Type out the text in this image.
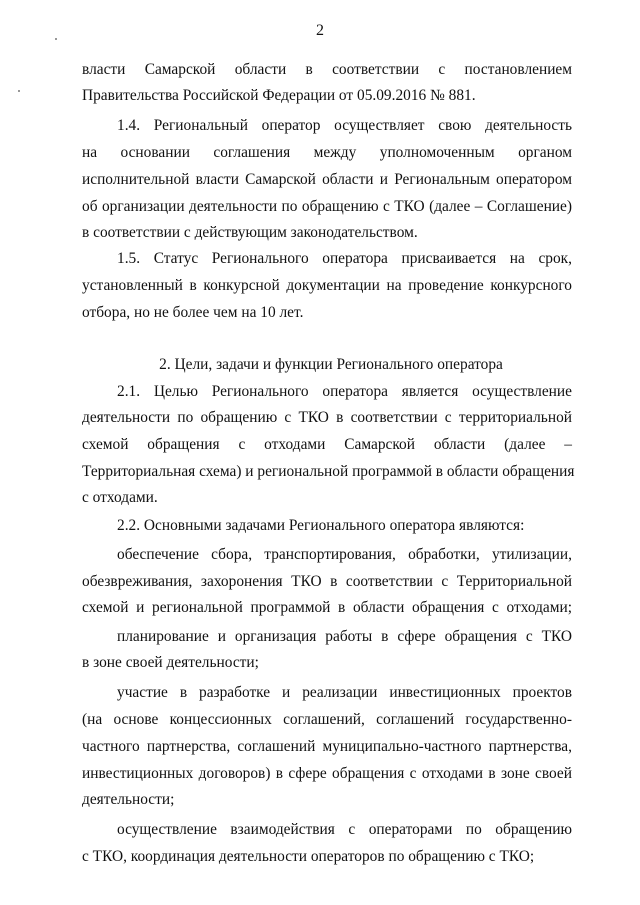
2
власти Самарской области в соответствии с постановлением
Правительства Российской Федерации от 05.09.2016 № 881.
1.4. Региональный оператор осуществляет свою деятельность
на основании соглашения между уполномоченным органом
исполнительной власти Самарской области и Региональным оператором
об организации деятельности по обращению с ТКО (далее – Соглашение)
в соответствии с действующим законодательством.
1.5. Статус Регионального оператора присваивается на срок,
установленный в конкурсной документации на проведение конкурсного
отбора, но не более чем на 10 лет.
2. Цели, задачи и функции Регионального оператора
2.1. Целью Регионального оператора является осуществление
деятельности по обращению с ТКО в соответствии с территориальной
схемой обращения с отходами Самарской области (далее –
Территориальная схема) и региональной программой в области обращения
с отходами.
2.2. Основными задачами Регионального оператора являются:
обеспечение сбора, транспортирования, обработки, утилизации,
обезвреживания, захоронения ТКО в соответствии с Территориальной
схемой и региональной программой в области обращения с отходами;
планирование и организация работы в сфере обращения с ТКО
в зоне своей деятельности;
участие в разработке и реализации инвестиционных проектов
(на основе концессионных соглашений, соглашений государственно-
частного партнерства, соглашений муниципально-частного партнерства,
инвестиционных договоров) в сфере обращения с отходами в зоне своей
деятельности;
осуществление взаимодействия с операторами по обращению
с ТКО, координация деятельности операторов по обращению с ТКО;
